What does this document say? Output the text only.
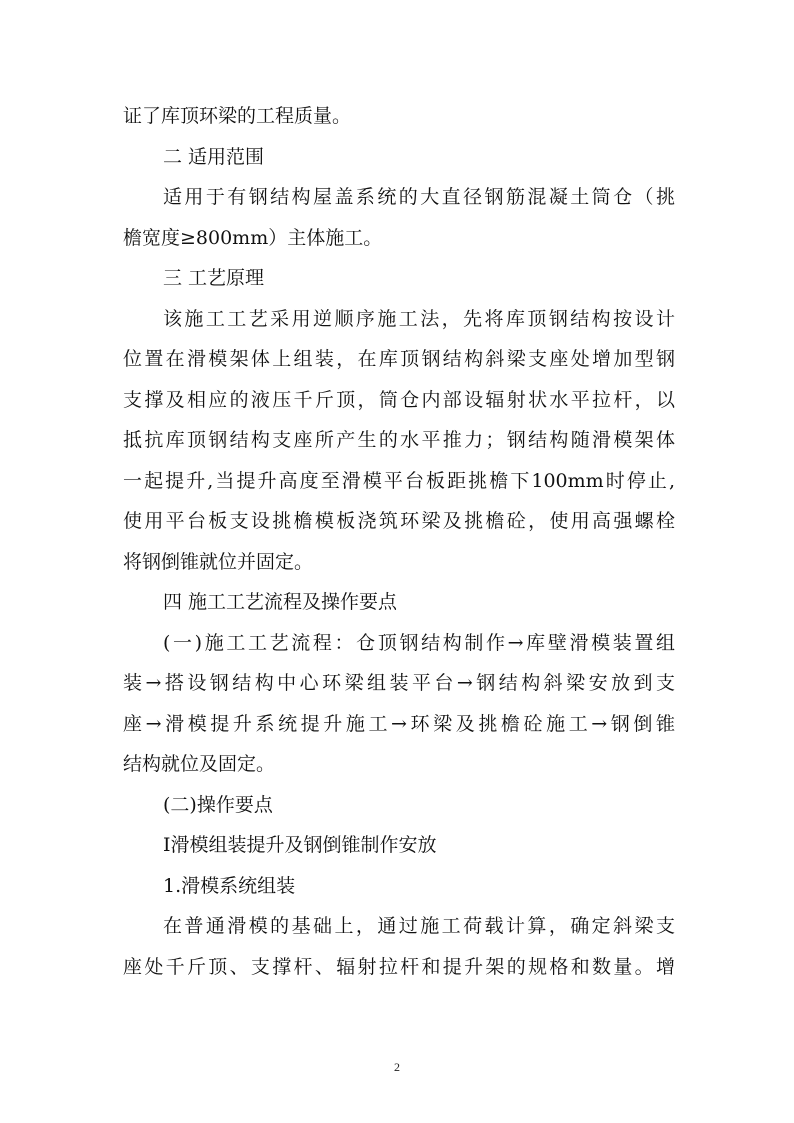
证了库顶环梁的工程质量。
二 适用范围
适用于有钢结构屋盖系统的大直径钢筋混凝土筒仓（挑
檐宽度≥800mm）主体施工。
三 工艺原理
该施工工艺采用逆顺序施工法，先将库顶钢结构按设计
位置在滑模架体上组装，在库顶钢结构斜梁支座处增加型钢
支撑及相应的液压千斤顶，筒仓内部设辐射状水平拉杆，以
抵抗库顶钢结构支座所产生的水平推力；钢结构随滑模架体
一起提升,当提升高度至滑模平台板距挑檐下100mm时停止,
使用平台板支设挑檐模板浇筑环梁及挑檐砼，使用高强螺栓
将钢倒锥就位并固定。
四 施工工艺流程及操作要点
(一)施工工艺流程：仓顶钢结构制作→库壁滑模装置组
装→搭设钢结构中心环梁组装平台→钢结构斜梁安放到支
座→滑模提升系统提升施工→环梁及挑檐砼施工→钢倒锥
结构就位及固定。
(二)操作要点
Ⅰ滑模组装提升及钢倒锥制作安放
1.滑模系统组装
在普通滑模的基础上，通过施工荷载计算，确定斜梁支
座处千斤顶、支撑杆、辐射拉杆和提升架的规格和数量。增
2
